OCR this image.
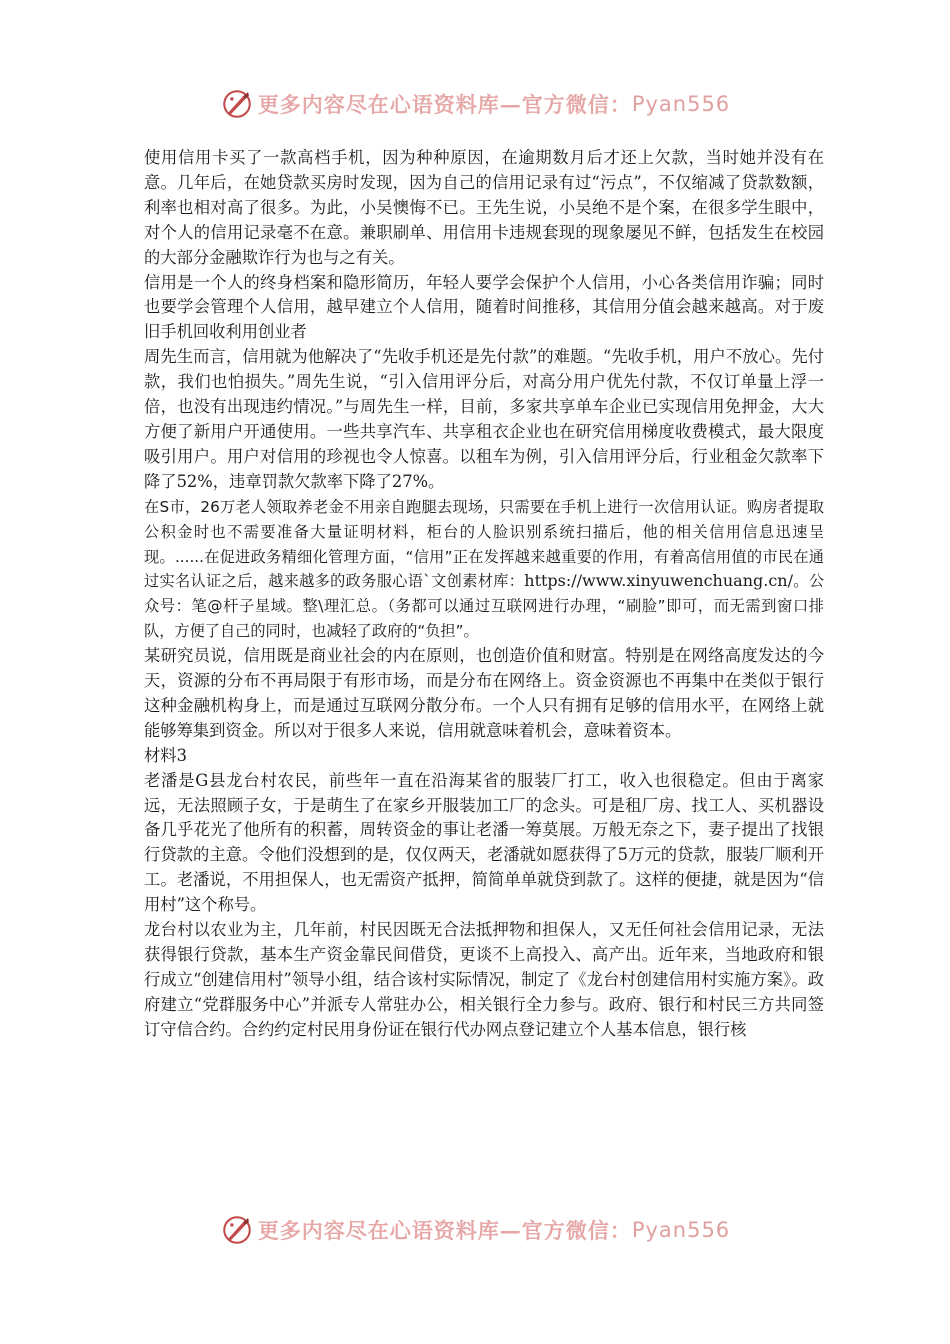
更多内容尽在心语资料库—官方微信： Pyan556

使用信用卡买了一款高档手机，因为种种原因，在逾期数月后才还上欠款，当时她并没有在意。几年后，在她贷款买房时发现，因为自己的信用记录有过“污点”，不仅缩减了贷款数额，利率也相对高了很多。为此，小吴懊悔不已。王先生说，小吴绝不是个案，在很多学生眼中，对个人的信用记录毫不在意。兼职刷单、用信用卡违规套现的现象屡见不鲜，包括发生在校园的大部分金融欺诈行为也与之有关。

信用是一个人的终身档案和隐形简历，年轻人要学会保护个人信用，小心各类信用诈骗；同时也要学会管理个人信用，越早建立个人信用，随着时间推移，其信用分值会越来越高。对于废旧手机回收利用创业者

周先生而言，信用就为他解决了“先收手机还是先付款”的难题。“先收手机，用户不放心。先付款，我们也怕损失。”周先生说，“引入信用评分后，对高分用户优先付款，不仅订单量上浮一倍，也没有出现违约情况。”与周先生一样，目前，多家共享单车企业已实现信用免押金，大大方便了新用户开通使用。一些共享汽车、共享租衣企业也在研究信用梯度收费模式，最大限度吸引用户。用户对信用的珍视也令人惊喜。以租车为例，引入信用评分后，行业租金欠款率下降了52%，违章罚款欠款率下降了27%。

在S市，26万老人领取养老金不用亲自跑腿去现场，只需要在手机上进行一次信用认证。购房者提取公积金时也不需要准备大量证明材料，柜台的人脸识别系统扫描后，他的相关信用信息迅速呈现。......在促进政务精细化管理方面，“信用”正在发挥越来越重要的作用，有着高信用值的市民在通过实名认证之后，越来越多的政务服心语`文创素材库：https://www.xinyuwenchuang.cn/。公众号：笔@杆子星域。整\理汇总。（务都可以通过互联网进行办理，“刷脸”即可，而无需到窗口排队，方便了自己的同时，也减轻了政府的“负担”。

某研究员说，信用既是商业社会的内在原则，也创造价值和财富。特别是在网络高度发达的今天，资源的分布不再局限于有形市场，而是分布在网络上。资金资源也不再集中在类似于银行这种金融机构身上，而是通过互联网分散分布。一个人只有拥有足够的信用水平，在网络上就能够筹集到资金。所以对于很多人来说，信用就意味着机会，意味着资本。

材料3

老潘是G县龙台村农民，前些年一直在沿海某省的服装厂打工，收入也很稳定。但由于离家远，无法照顾子女，于是萌生了在家乡开服装加工厂的念头。可是租厂房、找工人、买机器设备几乎花光了他所有的积蓄，周转资金的事让老潘一筹莫展。万般无奈之下，妻子提出了找银行贷款的主意。令他们没想到的是，仅仅两天，老潘就如愿获得了5万元的贷款，服装厂顺利开工。老潘说，不用担保人，也无需资产抵押，简简单单就贷到款了。这样的便捷，就是因为“信用村”这个称号。

龙台村以农业为主，几年前，村民因既无合法抵押物和担保人，又无任何社会信用记录，无法获得银行贷款，基本生产资金靠民间借贷，更谈不上高投入、高产出。近年来，当地政府和银行成立“创建信用村”领导小组，结合该村实际情况，制定了《龙台村创建信用村实施方案》。政府建立“党群服务中心”并派专人常驻办公，相关银行全力参与。政府、银行和村民三方共同签订守信合约。合约约定村民用身份证在银行代办网点登记建立个人基本信息，银行核

更多内容尽在心语资料库—官方微信： Pyan556
